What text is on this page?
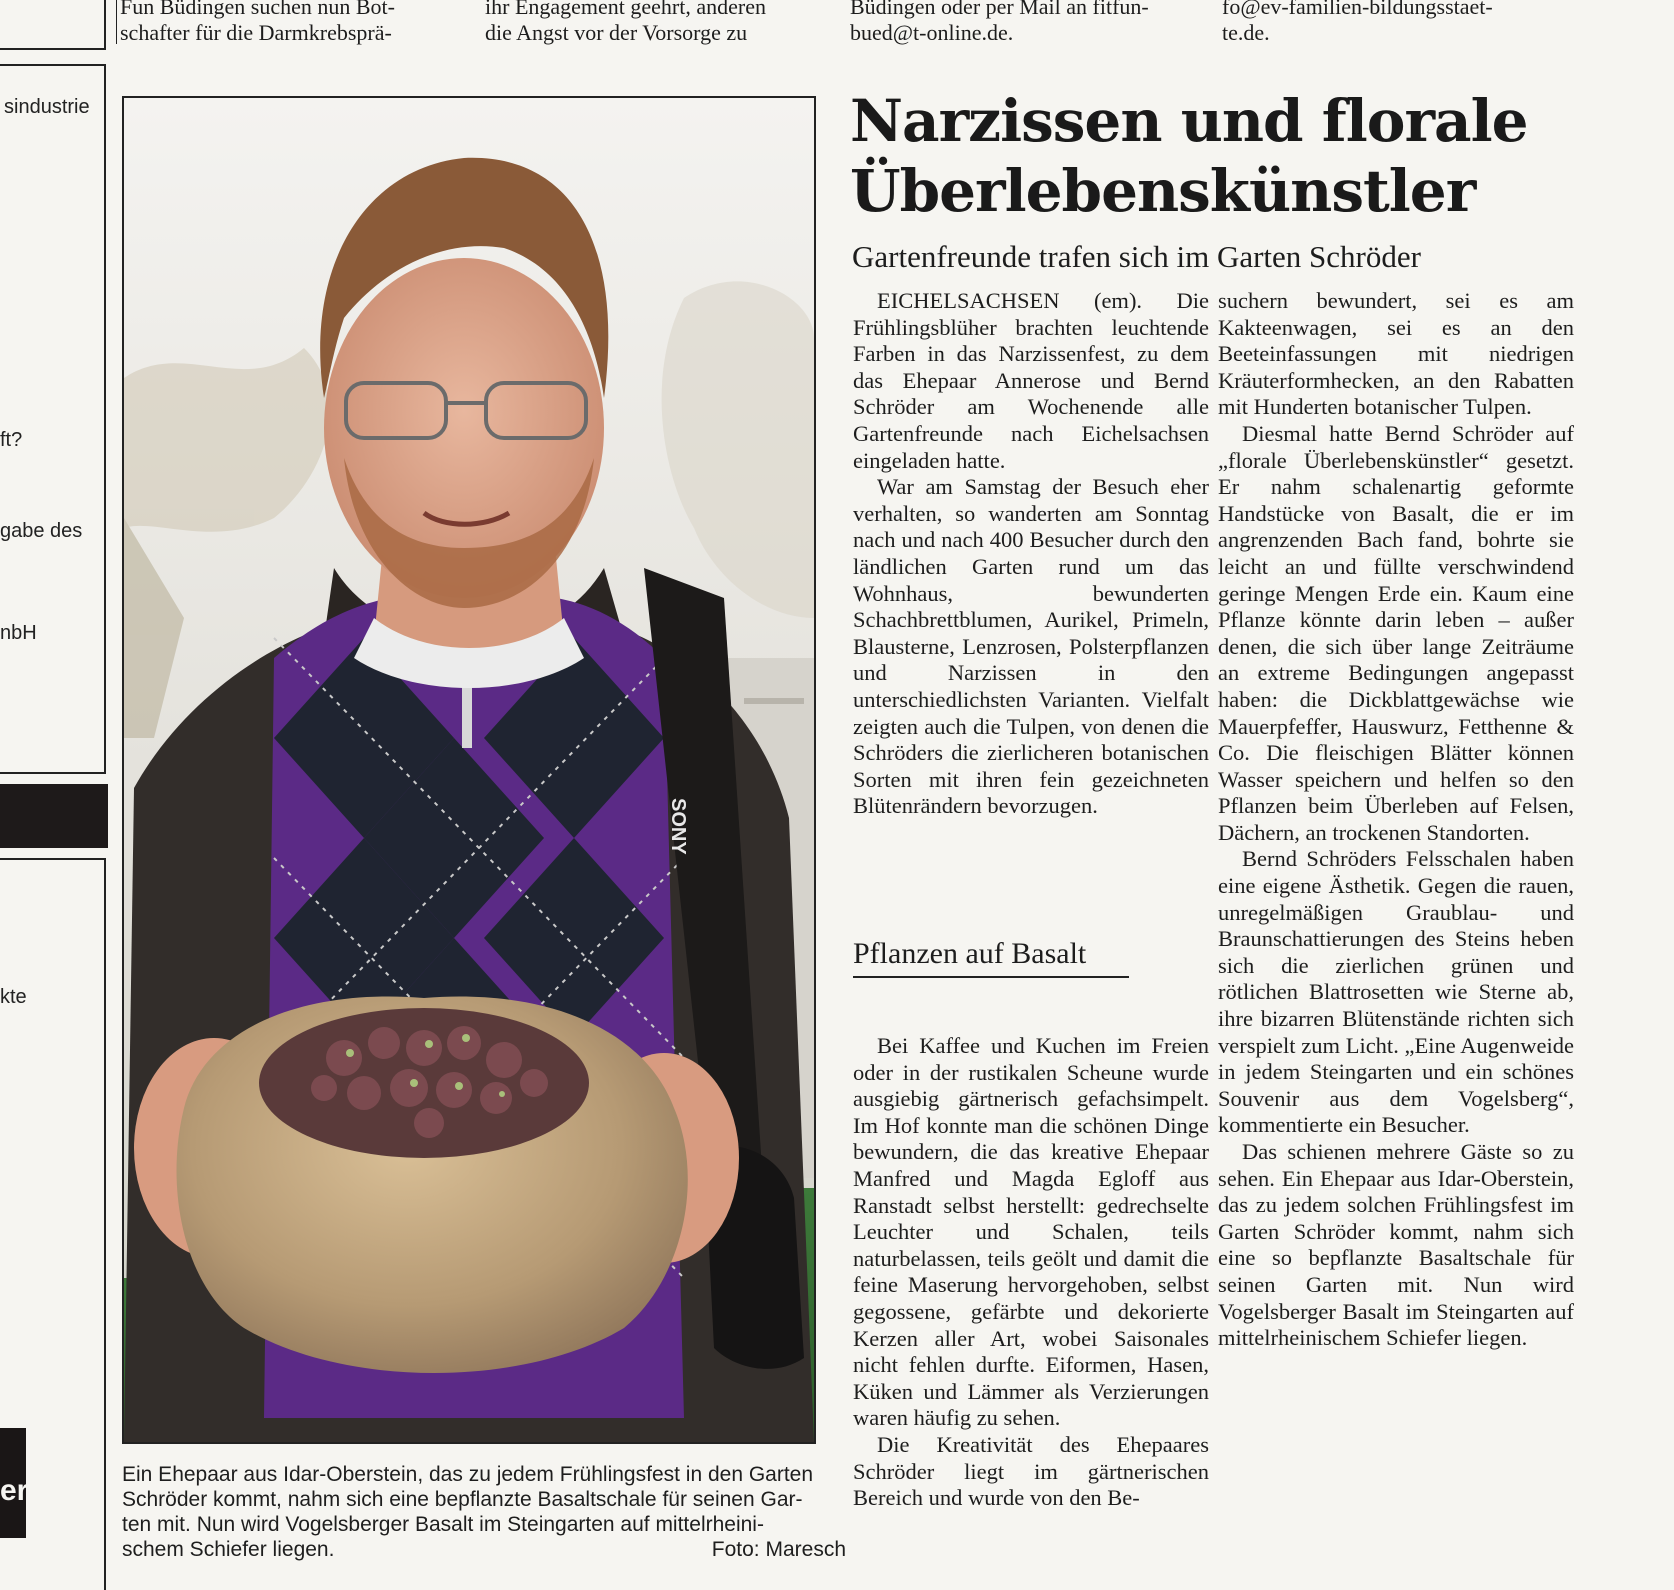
Fun Büdingen suchen nun Bot-
schafter für die Darmkrebsprä-
ihr Engagement geehrt, anderen
die Angst vor der Vorsorge zu
Büdingen oder per Mail an fitfun-
bued@t-online.de.
fo@ev-familien-bildungsstaet-
te.de.
sindustrie
ft?
gabe des
nbH
kte
er
SONY
Narzissen und florale
Überlebenskünstler
Gartenfreunde trafen sich im Garten Schröder

EICHELSACHSEN (em). Die Frühlingsblüher brachten leuchtende Farben in das Narzissenfest, zu dem das Ehepaar Annerose und Bernd Schröder am Wochenende alle Gartenfreunde nach Eichelsachsen eingeladen hatte.

War am Samstag der Besuch eher verhalten, so wanderten am Sonntag nach und nach 400 Besucher durch den ländlichen Garten rund um das Wohnhaus, bewunderten Schachbrettblumen, Aurikel, Primeln, Blausterne, Lenzrosen, Polsterpflanzen und Narzissen in den unterschiedlichsten Varianten. Vielfalt zeigten auch die Tulpen, von denen die Schröders die zierlicheren botanischen Sorten mit ihren fein gezeichneten Blütenrändern bevorzugen.

Pflanzen auf Basalt

Bei Kaffee und Kuchen im Freien oder in der rustikalen Scheune wurde ausgiebig gärtnerisch gefachsimpelt. Im Hof konnte man die schönen Dinge bewundern, die das kreative Ehepaar Manfred und Magda Egloff aus Ranstadt selbst herstellt: gedrechselte Leuchter und Schalen, teils naturbelassen, teils geölt und damit die feine Maserung hervorgehoben, selbst gegossene, gefärbte und dekorierte Kerzen aller Art, wobei Saisonales nicht fehlen durfte. Eiformen, Hasen, Küken und Lämmer als Verzierungen waren häufig zu sehen.

Die Kreativität des Ehepaares Schröder liegt im gärtnerischen Bereich und wurde von den Be-

suchern bewundert, sei es am Kakteenwagen, sei es an den Beeteinfassungen mit niedrigen Kräuterformhecken, an den Rabatten mit Hunderten botanischer Tulpen.

Diesmal hatte Bernd Schröder auf „florale Überlebenskünstler“ gesetzt. Er nahm schalenartig geformte Handstücke von Basalt, die er im angrenzenden Bach fand, bohrte sie leicht an und füllte verschwindend geringe Mengen Erde ein. Kaum eine Pflanze könnte darin leben – außer denen, die sich über lange Zeiträume an extreme Bedingungen angepasst haben: die Dickblattgewächse wie Mauerpfeffer, Hauswurz, Fetthenne & Co. Die fleischigen Blätter können Wasser speichern und helfen so den Pflanzen beim Überleben auf Felsen, Dächern, an trockenen Standorten.

Bernd Schröders Felsschalen haben eine eigene Ästhetik. Gegen die rauen, unregelmäßigen Graublau- und Braunschattierungen des Steins heben sich die zierlichen grünen und rötlichen Blattrosetten wie Sterne ab, ihre bizarren Blütenstände richten sich verspielt zum Licht. „Eine Augenweide in jedem Steingarten und ein schönes Souvenir aus dem Vogelsberg“, kommentierte ein Besucher.

Das schienen mehrere Gäste so zu sehen. Ein Ehepaar aus Idar-Oberstein, das zu jedem solchen Frühlingsfest im Garten Schröder kommt, nahm sich eine so bepflanzte Basaltschale für seinen Garten mit. Nun wird Vogelsberger Basalt im Steingarten auf mittelrheinischem Schiefer liegen.

Ein Ehepaar aus Idar-Oberstein, das zu jedem Frühlingsfest in den Garten
Schröder kommt, nahm sich eine bepflanzte Basaltschale für seinen Gar-
ten mit. Nun wird Vogelsberger Basalt im Steingarten auf mittelrheini-
schem Schiefer liegen.	Foto: Maresch
